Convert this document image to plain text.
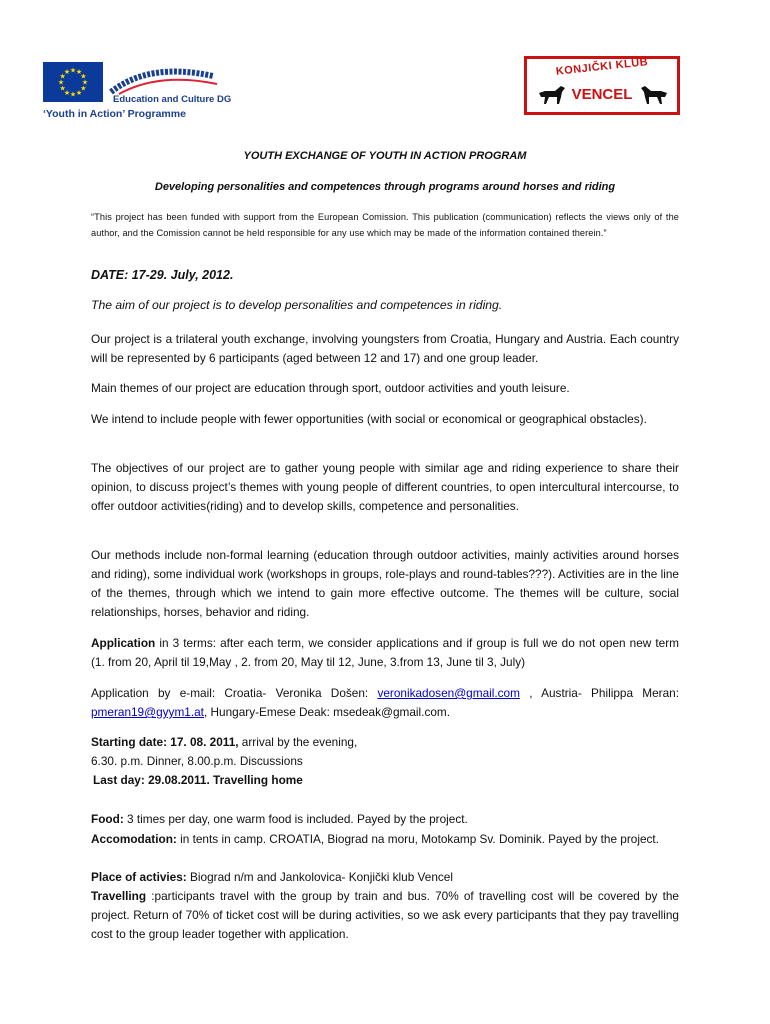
★ ★
★
★
★
★
★
★
★
★
★
★
Education and Culture DG
‘Youth in Action’ Programme
KONJIČKI KLUB
VENCEL
YOUTH EXCHANGE OF YOUTH IN ACTION PROGRAM
Developing personalities and competences through programs around horses and riding
“This project has been funded with support from the European Comission. This publication (communication) reflects the views only of the author, and the Comission cannot be held responsible for any use which may be made of the information contained therein.”
DATE: 17-29. July, 2012.
The aim of our project is to develop personalities and competences in riding.
Our project is a trilateral youth exchange, involving youngsters from Croatia, Hungary and Austria. Each country will be represented by 6 participants (aged between 12 and 17) and one group leader.
Main themes of our project are education through sport, outdoor activities and youth leisure.
We intend to include people with fewer opportunities (with social or economical or geographical obstacles).
The objectives of our project are to gather young people with similar age and riding experience to share their opinion, to discuss project’s themes with young people of different countries, to open intercultural intercourse, to offer outdoor activities(riding) and to develop skills, competence and personalities.
Our methods include non-formal learning (education through outdoor activities, mainly activities around horses and riding), some individual work (workshops in groups, role-plays and round-tables???). Activities are in the line of the themes, through which we intend to gain more effective outcome. The themes will be culture, social relationships, horses, behavior and riding.
Application in 3 terms: after each term, we consider applications and if group is full we do not open new term (1. from 20, April til 19,May , 2. from 20, May til 12, June, 3.from 13, June til 3, July)
Application by e-mail: Croatia- Veronika Došen: veronikadosen@gmail.com , Austria- Philippa Meran: pmeran19@gyym1.at, Hungary-Emese Deak: msedeak@gmail.com.
Starting date: 17. 08. 2011, arrival by the evening,
6.30. p.m. Dinner, 8.00.p.m. Discussions
Last day: 29.08.2011. Travelling home
Food: 3 times per day, one warm food is included. Payed by the project.
Accomodation: in tents in camp. CROATIA, Biograd na moru, Motokamp Sv. Dominik. Payed by the project.
Place of activies: Biograd n/m and Jankolovica- Konjički klub Vencel
Travelling :participants travel with the group by train and bus. 70% of travelling cost will be covered by the project. Return of 70% of ticket cost will be during activities, so we ask every participants that they pay travelling cost to the group leader together with application.
